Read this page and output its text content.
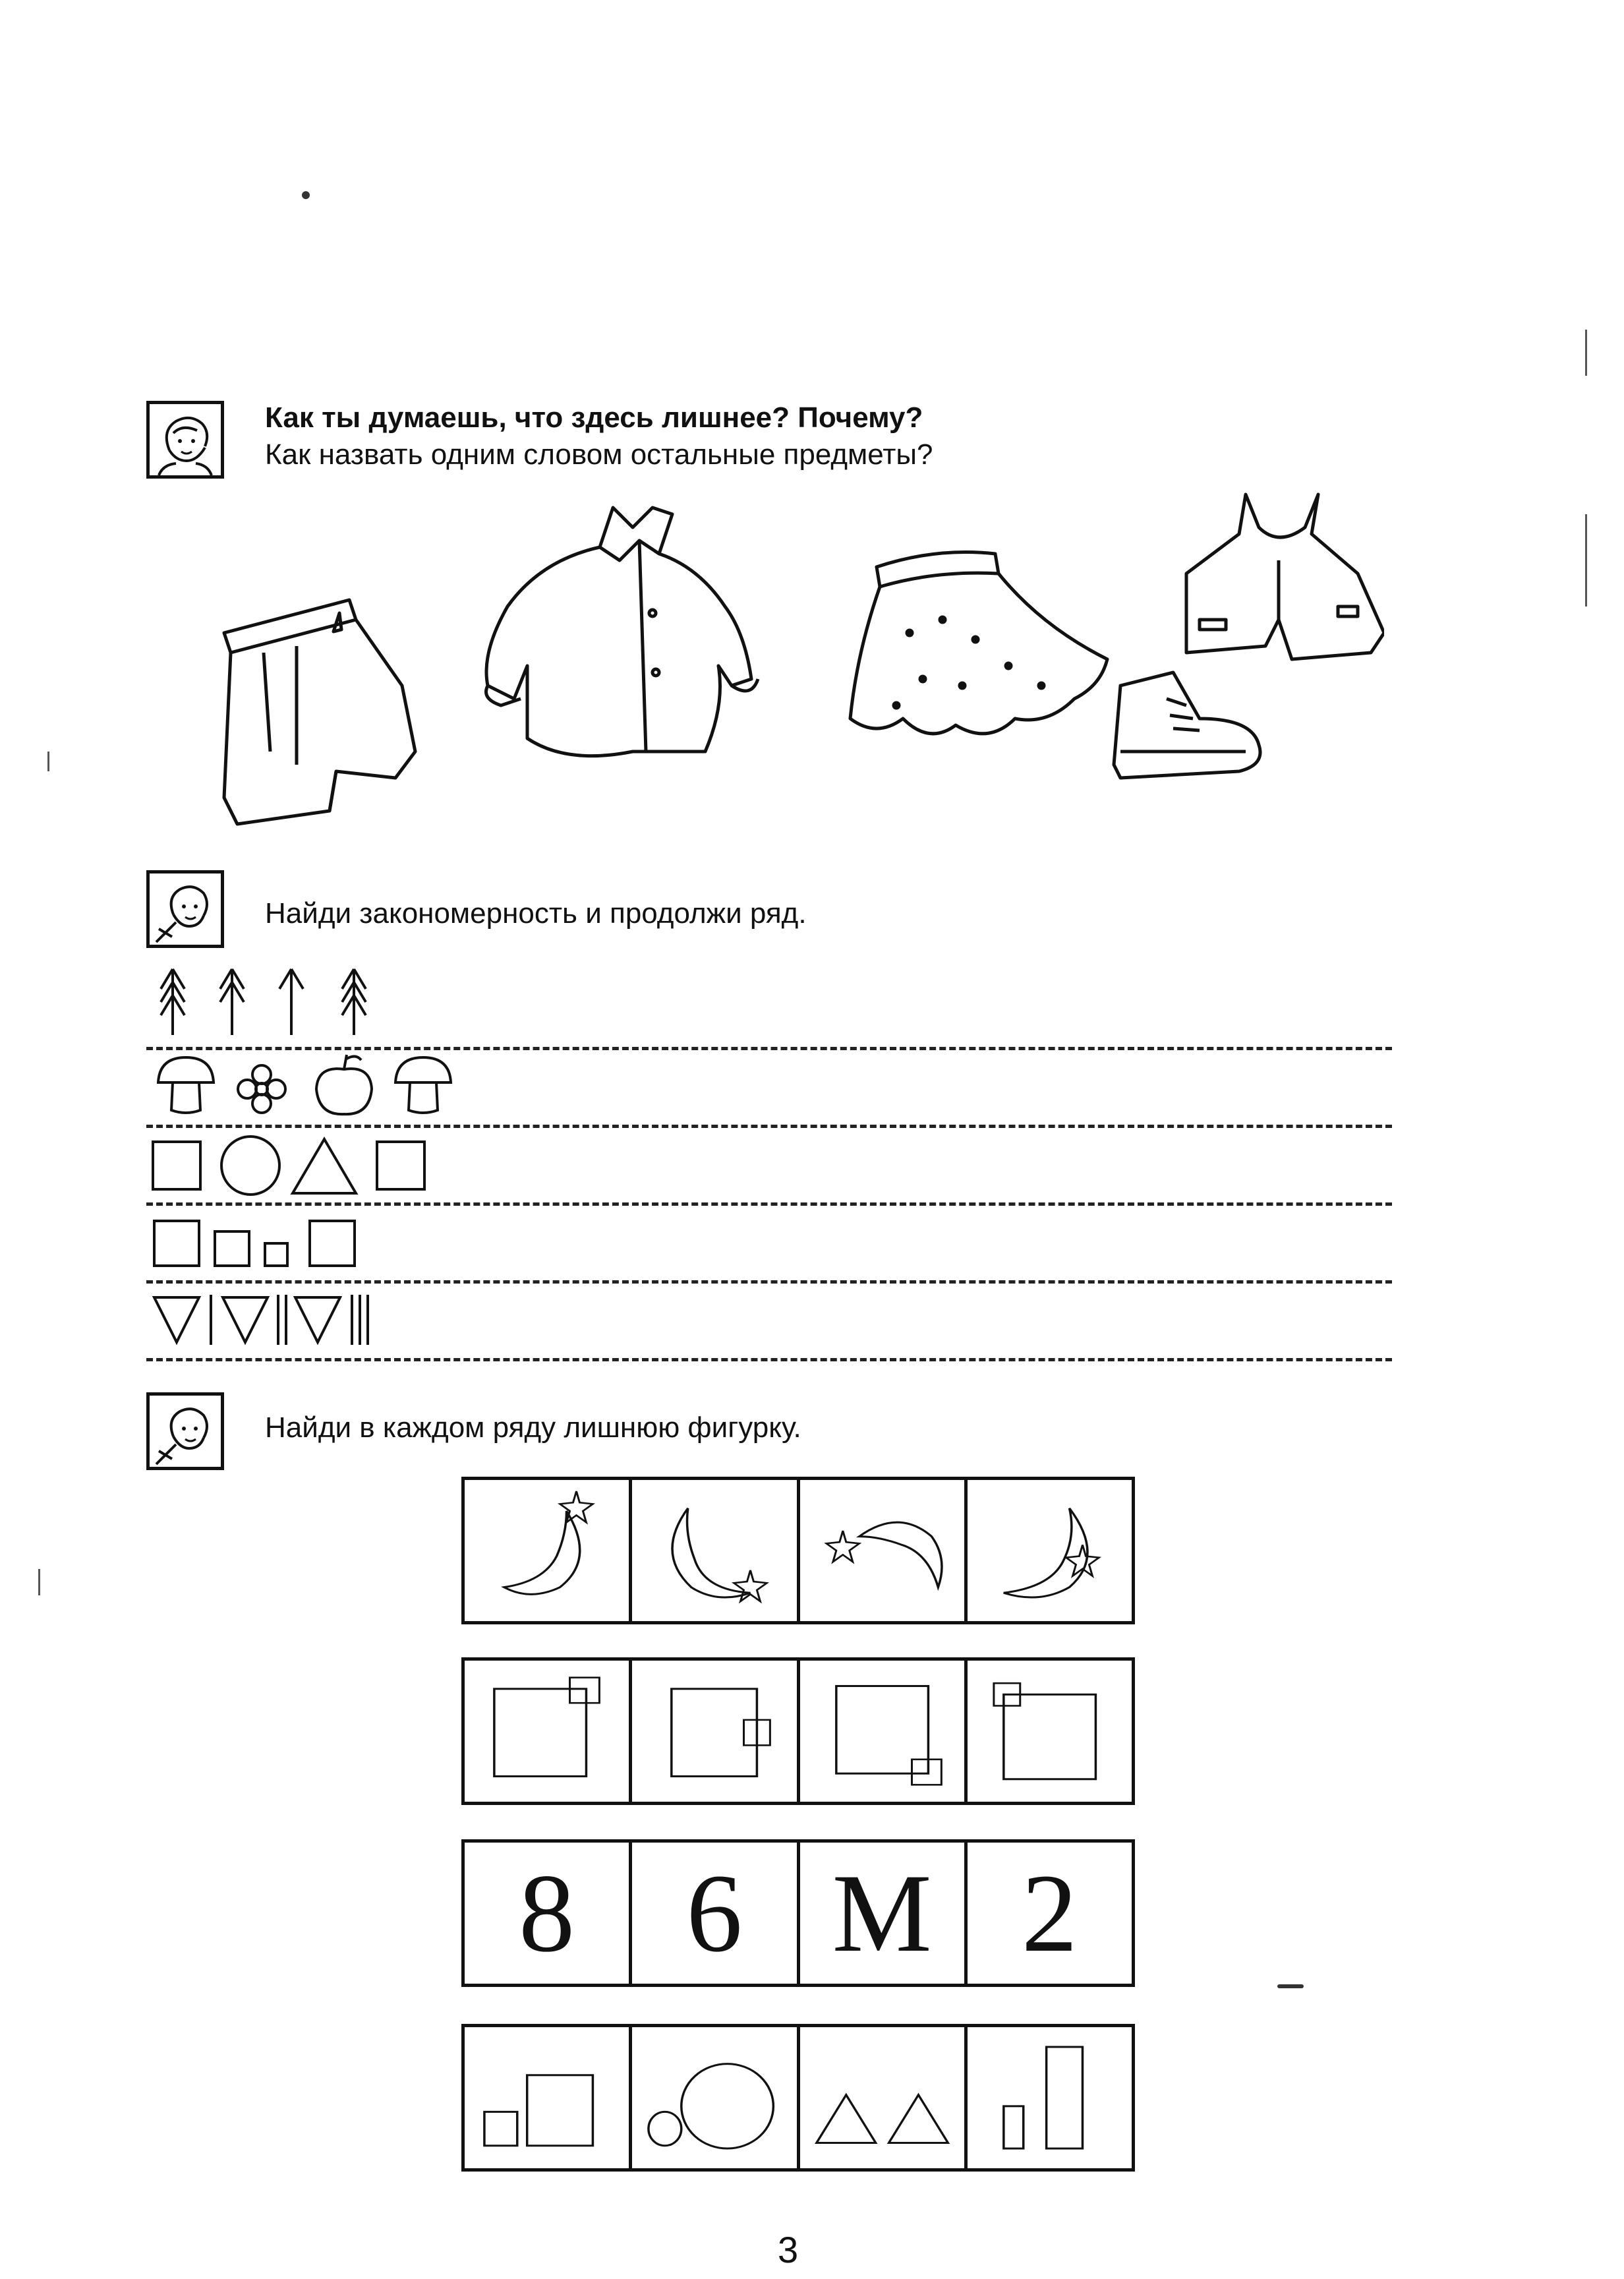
Как ты думаешь, что здесь лишнее? Почему?
Как назвать одним словом остальные предметы?
Найди закономерность и продолжи ряд.
Найди в каждом ряду лишнюю фигурку.
8 6 М 2
3
